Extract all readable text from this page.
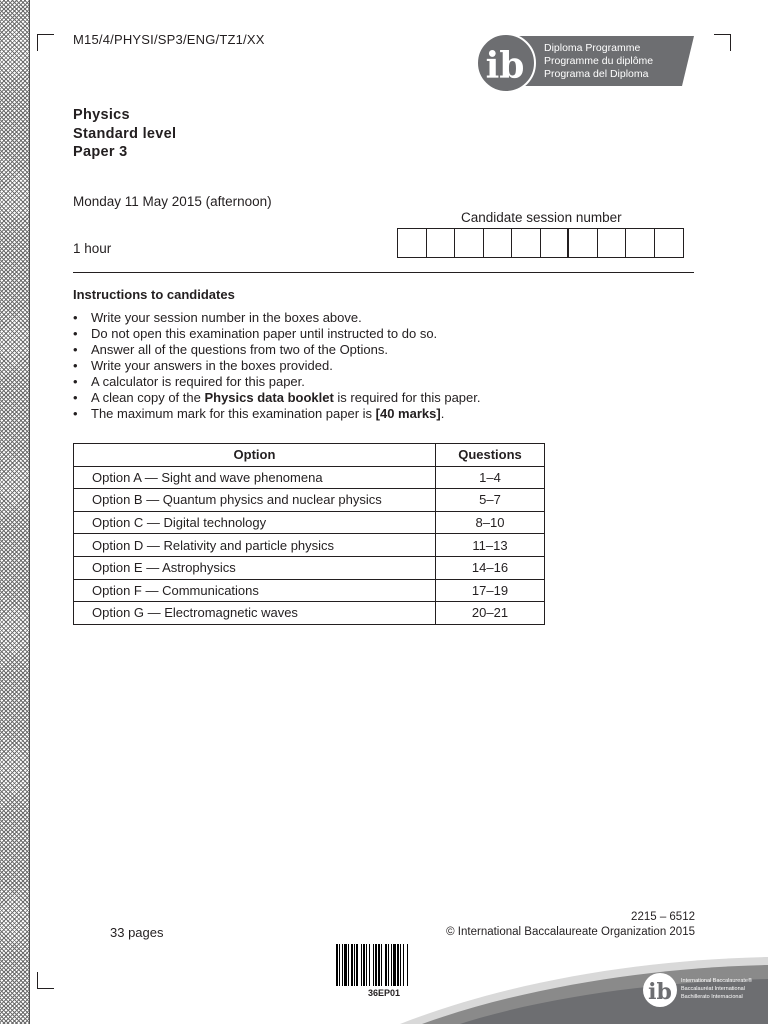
M15/4/PHYSI/SP3/ENG/TZ1/XX
ib Diploma Programme
Programme du diplôme
Programa del Diploma
Physics
Standard level
Paper 3
Monday 11 May 2015 (afternoon)
1 hour
Candidate session number
Instructions to candidates
• Write your session number in the boxes above.
• Do not open this examination paper until instructed to do so.
• Answer all of the questions from two of the Options.
• Write your answers in the boxes provided.
• A calculator is required for this paper.
• A clean copy of the Physics data booklet is required for this paper.
• The maximum mark for this examination paper is [40 marks].
Option	Questions
Option A — Sight and wave phenomena	1–4
Option B — Quantum physics and nuclear physics	5–7
Option C — Digital technology	8–10
Option D — Relativity and particle physics	11–13
Option E — Astrophysics	14–16
Option F — Communications	17–19
Option G — Electromagnetic waves	20–21
2215 – 6512
33 pages	© International Baccalaureate Organization 2015
36EP01	ib International Baccalaureate®
Baccalauréat International
Bachillerato Internacional
